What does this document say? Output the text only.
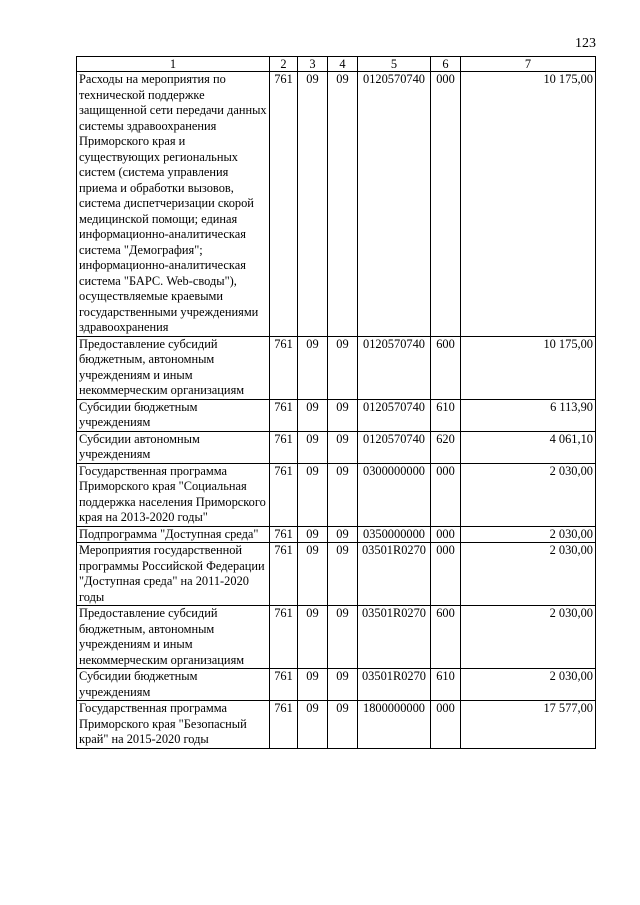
123
1	2	3	4	5	6	7
Расходы на мероприятия по технической поддержке защищенной сети передачи данных системы здравоохранения Приморского края и существующих региональных систем (система управления приема и обработки вызовов, система диспетчеризации скорой медицинской помощи; единая информационно-аналитическая система "Демография"; информационно-аналитическая система "БАРС. Web-своды"), осуществляемые краевыми государственными учреждениями здравоохранения	761	09	09	0120570740	000	10 175,00
Предоставление субсидий бюджетным, автономным учреждениям и иным некоммерческим организациям	761	09	09	0120570740	600	10 175,00
Субсидии бюджетным учреждениям	761	09	09	0120570740	610	6 113,90
Субсидии автономным учреждениям	761	09	09	0120570740	620	4 061,10
Государственная программа Приморского края "Социальная поддержка населения Приморского края на 2013-2020 годы"	761	09	09	0300000000	000	2 030,00
Подпрограмма "Доступная среда"	761	09	09	0350000000	000	2 030,00
Мероприятия государственной программы Российской Федерации "Доступная среда" на 2011-2020 годы	761	09	09	03501R0270	000	2 030,00
Предоставление субсидий бюджетным, автономным учреждениям и иным некоммерческим организациям	761	09	09	03501R0270	600	2 030,00
Субсидии бюджетным учреждениям	761	09	09	03501R0270	610	2 030,00
Государственная программа Приморского края "Безопасный край" на 2015-2020 годы	761	09	09	1800000000	000	17 577,00
